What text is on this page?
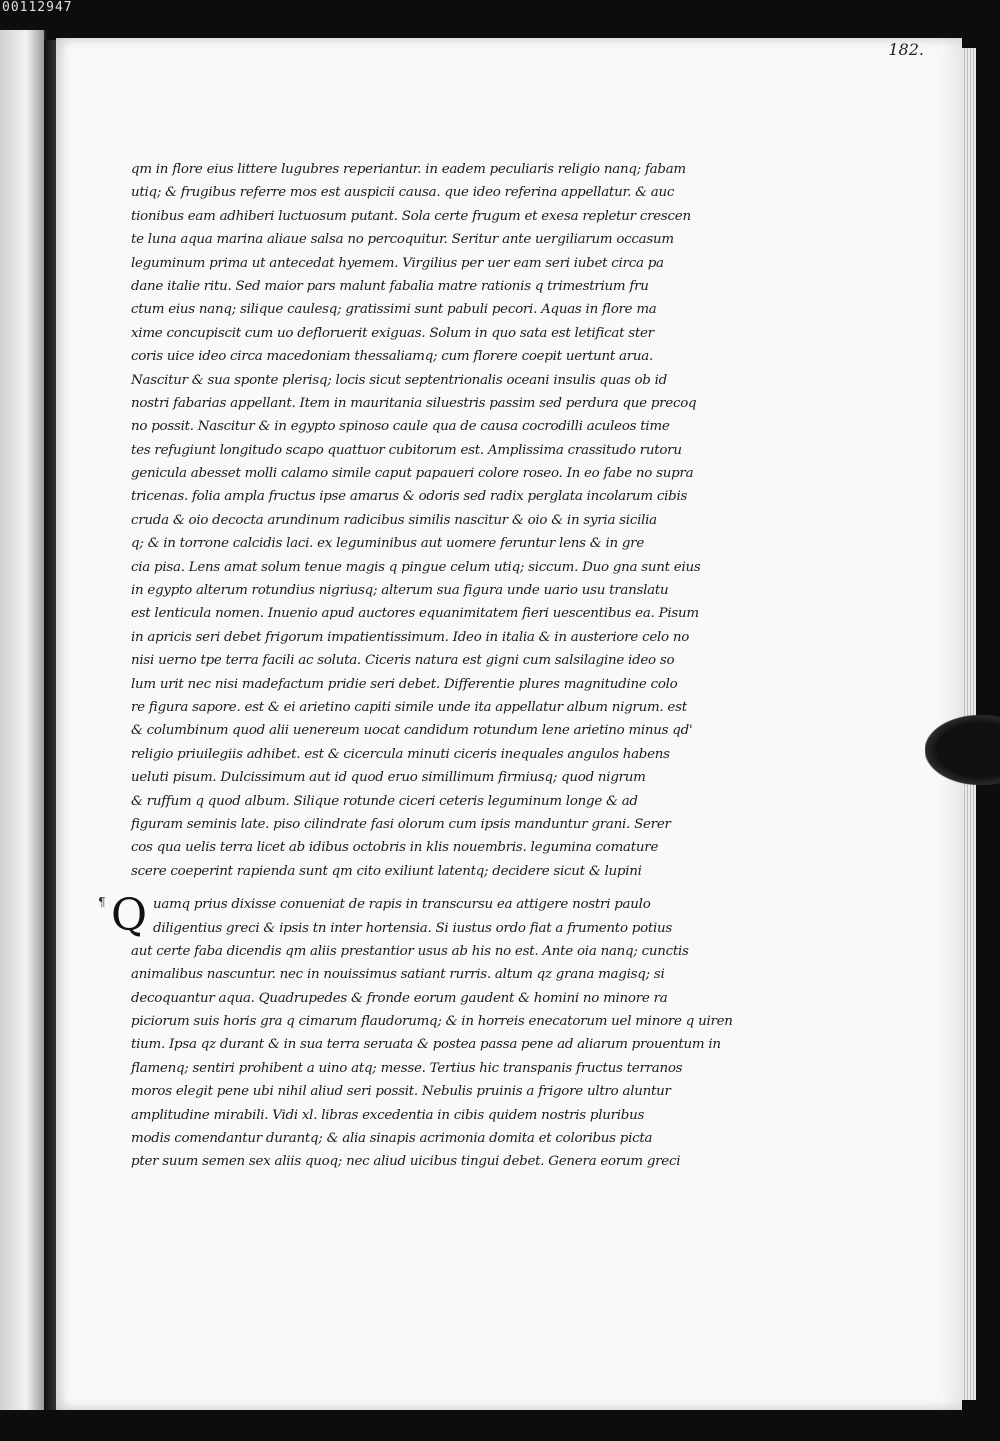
00112947
182.
qm in flore eius littere lugubres reperiantur. in eadem peculiaris religio nanq; fabam
utiq; & frugibus referre mos est auspicii causa. que ideo referina appellatur. & auc
tionibus eam adhiberi luctuosum putant. Sola certe frugum et exesa repletur crescen
te luna aqua marina aliaue salsa no percoquitur. Seritur ante uergiliarum occasum
leguminum prima ut antecedat hyemem. Virgilius per uer eam seri iubet circa pa
dane italie ritu. Sed maior pars malunt fabalia matre rationis q trimestrium fru
ctum eius nanq; silique caulesq; gratissimi sunt pabuli pecori. Aquas in flore ma
xime concupiscit cum uo defloruerit exiguas. Solum in quo sata est letificat ster
coris uice ideo circa macedoniam thessaliamq; cum florere coepit uertunt arua.
Nascitur & sua sponte plerisq; locis sicut septentrionalis oceani insulis quas ob id
nostri fabarias appellant. Item in mauritania siluestris passim sed perdura que precoq
no possit. Nascitur & in egypto spinoso caule qua de causa cocrodilli aculeos time
tes refugiunt longitudo scapo quattuor cubitorum est. Amplissima crassitudo rutoru
genicula abesset molli calamo simile caput papaueri colore roseo. In eo fabe no supra
tricenas. folia ampla fructus ipse amarus & odoris sed radix perglata incolarum cibis
cruda & oio decocta arundinum radicibus similis nascitur & oio & in syria sicilia
q; & in torrone calcidis laci. ex leguminibus aut uomere feruntur lens & in gre
cia pisa. Lens amat solum tenue magis q pingue celum utiq; siccum. Duo gna sunt eius
in egypto alterum rotundius nigriusq; alterum sua figura unde uario usu translatu
est lenticula nomen. Inuenio apud auctores equanimitatem fieri uescentibus ea. Pisum
in apricis seri debet frigorum impatientissimum. Ideo in italia & in austeriore celo no
nisi uerno tpe terra facili ac soluta. Ciceris natura est gigni cum salsilagine ideo so
lum urit nec nisi madefactum pridie seri debet. Differentie plures magnitudine colo
re figura sapore. est & ei arietino capiti simile unde ita appellatur album nigrum. est
& columbinum quod alii uenereum uocat candidum rotundum lene arietino minus qd'
religio priuilegiis adhibet. est & cicercula minuti ciceris inequales angulos habens
ueluti pisum. Dulcissimum aut id quod eruo simillimum firmiusq; quod nigrum
& ruffum q quod album. Silique rotunde ciceri ceteris leguminum longe & ad
figuram seminis late. piso cilindrate fasi olorum cum ipsis manduntur grani. Serer
cos qua uelis terra licet ab idibus octobris in klis nouembris. legumina comature
scere coeperint rapienda sunt qm cito exiliunt latentq; decidere sicut & lupini
¶ Q uamq prius dixisse conueniat de rapis in transcursu ea attigere nostri paulo
diligentius greci & ipsis tn inter hortensia. Si iustus ordo fiat a frumento potius
aut certe faba dicendis qm aliis prestantior usus ab his no est. Ante oia nanq; cunctis
animalibus nascuntur. nec in nouissimus satiant rurris. altum qz grana magisq; si
decoquantur aqua. Quadrupedes & fronde eorum gaudent & homini no minore ra
piciorum suis horis gra q cimarum flaudorumq; & in horreis enecatorum uel minore q uiren
tium. Ipsa qz durant & in sua terra seruata & postea passa pene ad aliarum prouentum in
flamenq; sentiri prohibent a uino atq; messe. Tertius hic transpanis fructus terranos
moros elegit pene ubi nihil aliud seri possit. Nebulis pruinis a frigore ultro aluntur
amplitudine mirabili. Vidi xl. libras excedentia in cibis quidem nostris pluribus
modis comendantur durantq; & alia sinapis acrimonia domita et coloribus picta
pter suum semen sex aliis quoq; nec aliud uicibus tingui debet. Genera eorum greci
